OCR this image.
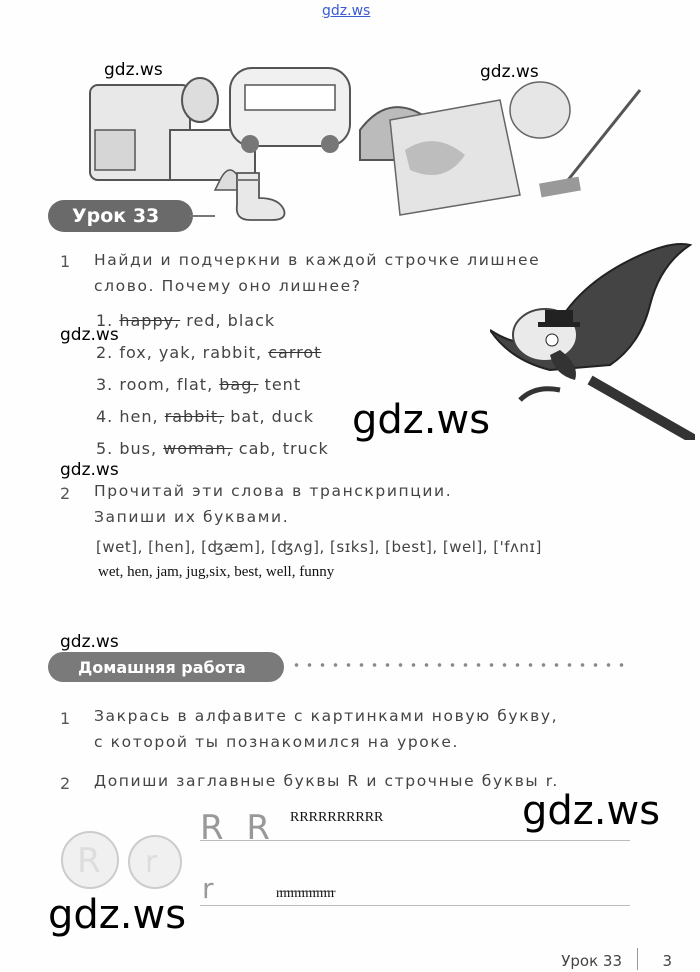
gdz.ws
gdz.ws	gdz.ws
Урок 33
1 Найди и подчеркни в каждой строчке лишнее
слово. Почему оно лишнее?
1. happy, red, black
2. fox, yak, rabbit, carrot
3. room, flat, bag, tent
4. hen, rabbit, bat, duck
5. bus, woman, cab, truck
gdz.ws
gdz.ws
gdz.ws
2 Прочитай эти слова в транскрипции.
Запиши их буквами.
[wet], [hen], [ʤæm], [ʤʌg], [sɪks], [best], [wel], ['fʌnɪ]
wet, hen, jam, jug,six, best, well, funny
gdz.ws
Домашняя работа
1 Закрась в алфавите с картинками новую букву,
с которой ты познакомился на уроке.
2 Допиши заглавные буквы R и строчные буквы r.
R R
r
RRRRRRRRRR
rrrrrrrrrrrrrrrr
R r
gdz.ws
gdz.ws
Урок 33	3
